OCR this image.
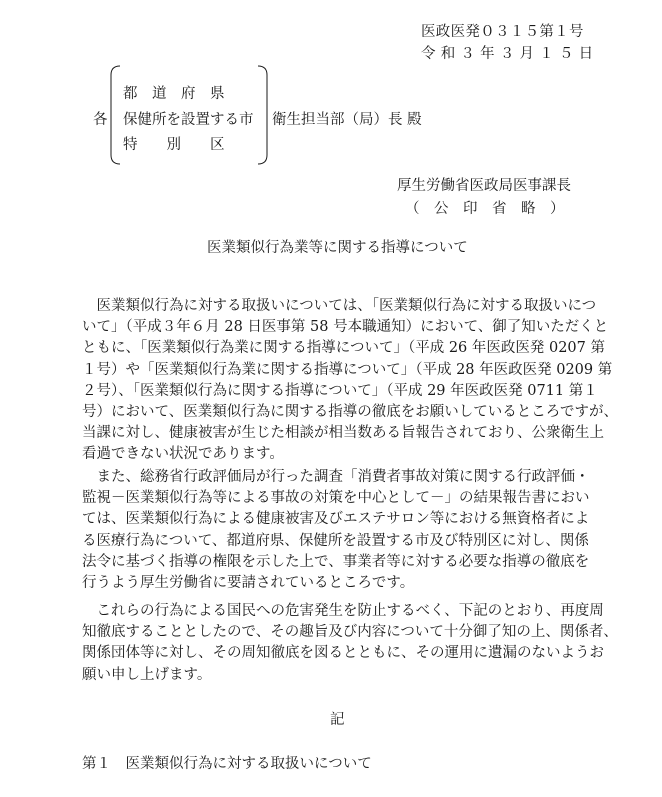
医政医発０３１５第１号
令 和 ３ 年 ３ 月 １ ５ 日
各
都　道　府　県
保健所を設置する市
特　　別　　区
衛生担当部（局）長 殿
厚生労働省医政局医事課長
（　公　印　省　略　）
医業類似行為業等に関する指導について
医業類似行為に対する取扱いについては、「医業類似行為に対する取扱いにつ
いて」（平成３年６月 28 日医事第 58 号本職通知）において、御了知いただくと
ともに、「医業類似行為業に関する指導について」（平成 26 年医政医発 0207 第
１号）や「医業類似行為業に関する指導について」（平成 28 年医政医発 0209 第
２号）、「医業類似行為に関する指導について」（平成 29 年医政医発 0711 第１
号）において、医業類似行為に関する指導の徹底をお願いしているところですが、
当課に対し、健康被害が生じた相談が相当数ある旨報告されており、公衆衛生上
看過できない状況であります。
また、総務省行政評価局が行った調査「消費者事故対策に関する行政評価・
監視－医業類似行為等による事故の対策を中心として－」の結果報告書におい
ては、医業類似行為による健康被害及びエステサロン等における無資格者によ
る医療行為について、都道府県、保健所を設置する市及び特別区に対し、関係
法令に基づく指導の権限を示した上で、事業者等に対する必要な指導の徹底を
行うよう厚生労働省に要請されているところです。
これらの行為による国民への危害発生を防止するべく、下記のとおり、再度周
知徹底することとしたので、その趣旨及び内容について十分御了知の上、関係者、
関係団体等に対し、その周知徹底を図るとともに、その運用に遺漏のないようお
願い申し上げます。
記
第１　医業類似行為に対する取扱いについて
